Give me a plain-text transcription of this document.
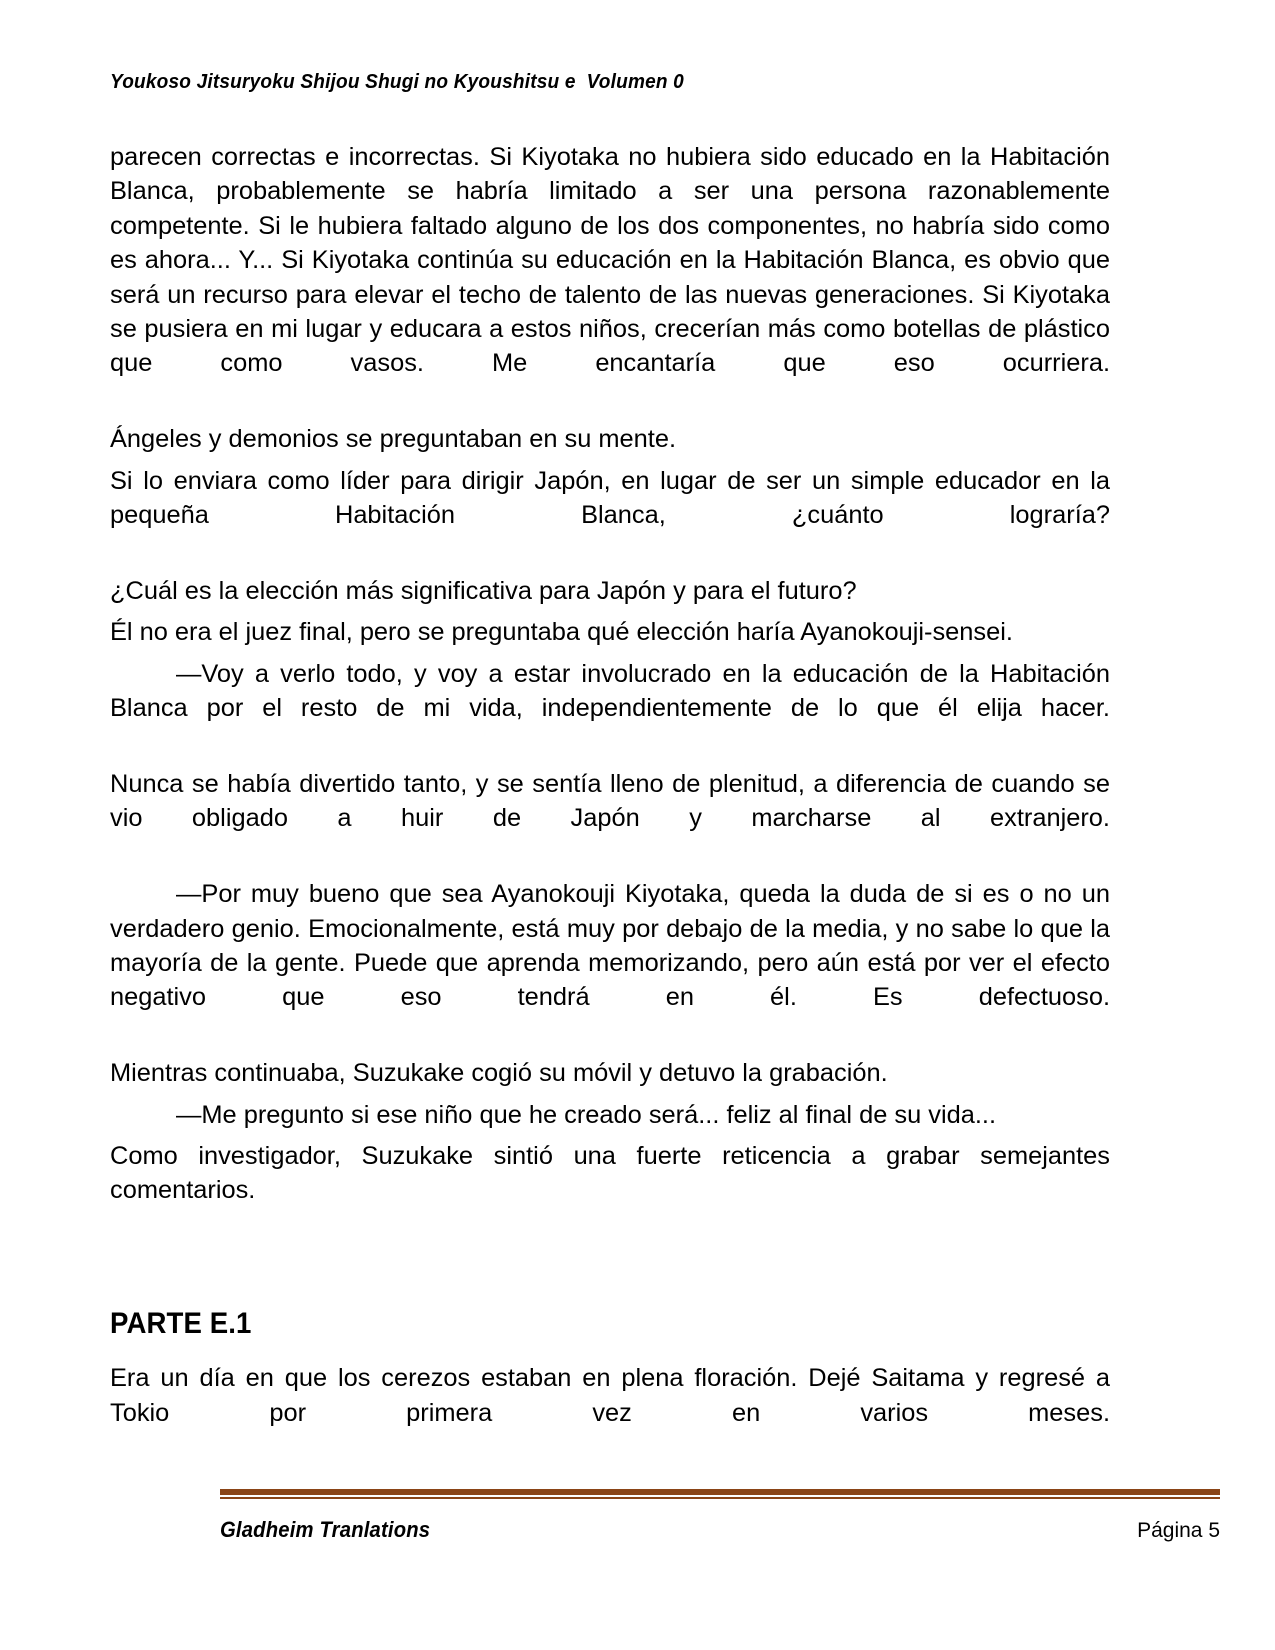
Youkoso Jitsuryoku Shijou Shugi no Kyoushitsu e  Volumen 0

parecen correctas e incorrectas. Si Kiyotaka no hubiera sido educado en la Habitación Blanca, probablemente se habría limitado a ser una persona razonablemente competente. Si le hubiera faltado alguno de los dos componentes, no habría sido como es ahora... Y... Si Kiyotaka continúa su educación en la Habitación Blanca, es obvio que será un recurso para elevar el techo de talento de las nuevas generaciones. Si Kiyotaka se pusiera en mi lugar y educara a estos niños, crecerían más como botellas de plástico que como vasos. Me encantaría que eso ocurriera.

Ángeles y demonios se preguntaban en su mente.

Si lo enviara como líder para dirigir Japón, en lugar de ser un simple educador en la pequeña Habitación Blanca, ¿cuánto lograría?

¿Cuál es la elección más significativa para Japón y para el futuro?

Él no era el juez final, pero se preguntaba qué elección haría Ayanokouji-sensei.

—Voy a verlo todo, y voy a estar involucrado en la educación de la Habitación Blanca por el resto de mi vida, independientemente de lo que él elija hacer.

Nunca se había divertido tanto, y se sentía lleno de plenitud, a diferencia de cuando se vio obligado a huir de Japón y marcharse al extranjero.

—Por muy bueno que sea Ayanokouji Kiyotaka, queda la duda de si es o no un verdadero genio. Emocionalmente, está muy por debajo de la media, y no sabe lo que la mayoría de la gente. Puede que aprenda memorizando, pero aún está por ver el efecto negativo que eso tendrá en él. Es defectuoso.

Mientras continuaba, Suzukake cogió su móvil y detuvo la grabación.

—Me pregunto si ese niño que he creado será... feliz al final de su vida...

Como investigador, Suzukake sintió una fuerte reticencia a grabar semejantes comentarios.

PARTE E.1

Era un día en que los cerezos estaban en plena floración. Dejé Saitama y regresé a Tokio por primera vez en varios meses.

Gladheim Tranlations	Página 5
